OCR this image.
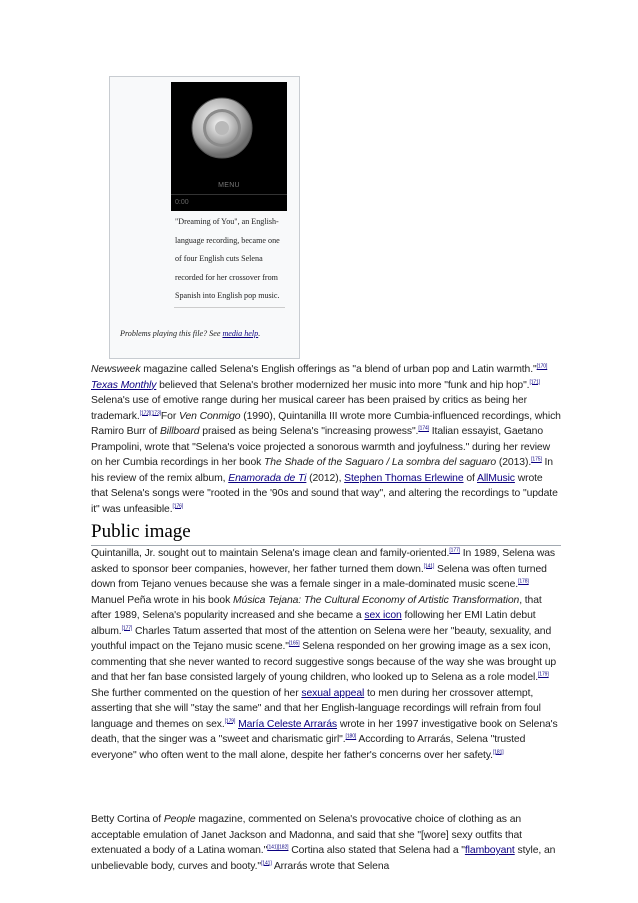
MENU
0:00
"Dreaming of You", an English-language recording, became one of four English cuts Selena recorded for her crossover from Spanish into English pop music.
Problems playing this file? See media help.

Newsweek magazine called Selena's English offerings as "a blend of urban pop and Latin warmth."[170] Texas Monthly believed that Selena's brother modernized her music into more "funk and hip hop".[171] Selena's use of emotive range during her musical career has been praised by critics as being her trademark.[172][173]For Ven Conmigo (1990), Quintanilla III wrote more Cumbia-influenced recordings, which Ramiro Burr of Billboard praised as being Selena's "increasing prowess".[174] Italian essayist, Gaetano Prampolini, wrote that "Selena's voice projected a sonorous warmth and joyfulness." during her review on her Cumbia recordings in her book The Shade of the Saguaro / La sombra del saguaro (2013).[175] In his review of the remix album, Enamorada de Ti (2012), Stephen Thomas Erlewine of AllMusic wrote that Selena's songs were "rooted in the '90s and sound that way", and altering the recordings to "update it" was unfeasible.[176]

Public image

Quintanilla, Jr. sought out to maintain Selena's image clean and family-oriented.[177] In 1989, Selena was asked to sponsor beer companies, however, her father turned them down.[141] Selena was often turned down from Tejano venues because she was a female singer in a male-dominated music scene.[178] Manuel Peña wrote in his book Música Tejana: The Cultural Economy of Artistic Transformation, that after 1989, Selena's popularity increased and she became a sex icon following her EMI Latin debut album.[177] Charles Tatum asserted that most of the attention on Selena were her "beauty, sexuality, and youthful impact on the Tejano music scene."[165] Selena responded on her growing image as a sex icon, commenting that she never wanted to record suggestive songs because of the way she was brought up and that her fan base consisted largely of young children, who looked up to Selena as a role model.[179] She further commented on the question of her sexual appeal to men during her crossover attempt, asserting that she will "stay the same" and that her English-language recordings will refrain from foul language and themes on sex.[179] María Celeste Arrarás wrote in her 1997 investigative book on Selena's death, that the singer was a "sweet and charismatic girl".[180] According to Arrarás, Selena "trusted everyone" who often went to the mall alone, despite her father's concerns over her safety.[181]

Betty Cortina of People magazine, commented on Selena's provocative choice of clothing as an acceptable emulation of Janet Jackson and Madonna, and said that she "[wore] sexy outfits that extenuated a body of a Latina woman."[141][182] Cortina also stated that Selena had a "flamboyant style, an unbelievable body, curves and booty."[141] Arrarás wrote that Selena
